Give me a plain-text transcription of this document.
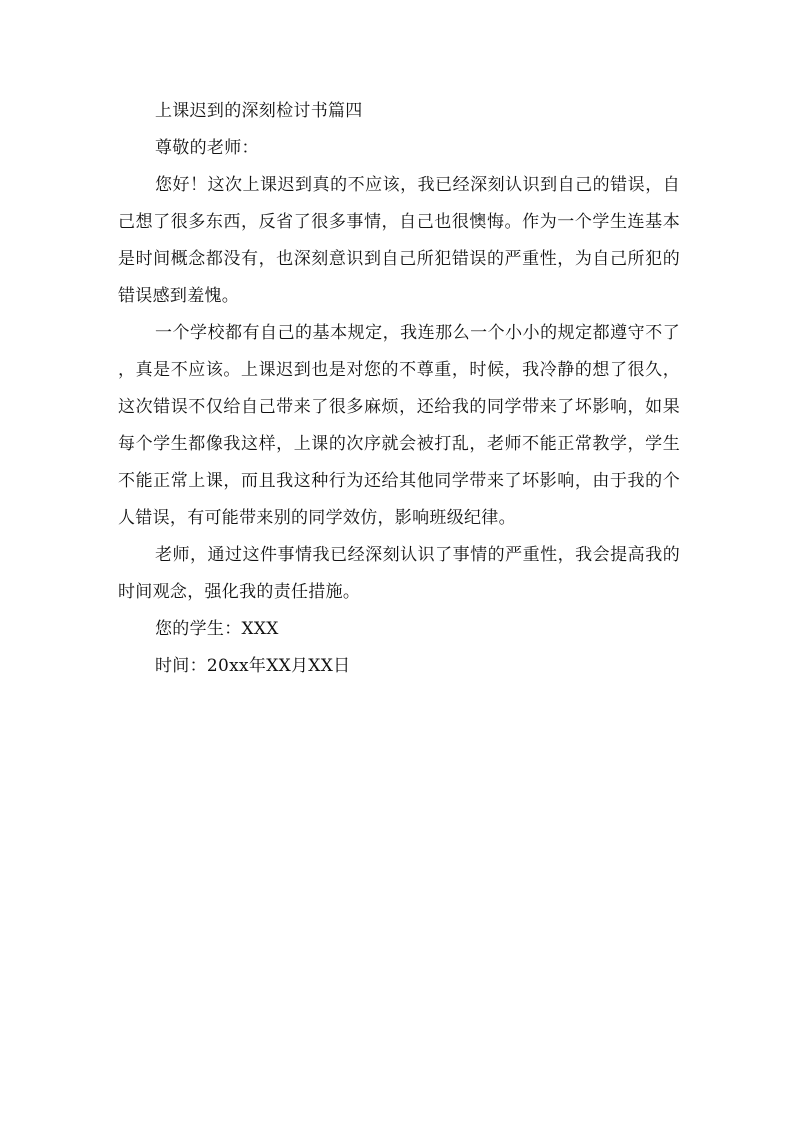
上课迟到的深刻检讨书篇四

尊敬的老师：

您好！这次上课迟到真的不应该，我已经深刻认识到自己的错误，自己想了很多东西，反省了很多事情，自己也很懊悔。作为一个学生连基本是时间概念都没有，也深刻意识到自己所犯错误的严重性，为自己所犯的错误感到羞愧。

一个学校都有自己的基本规定，我连那么一个小小的规定都遵守不了，真是不应该。上课迟到也是对您的不尊重，时候，我冷静的想了很久，这次错误不仅给自己带来了很多麻烦，还给我的同学带来了坏影响，如果每个学生都像我这样，上课的次序就会被打乱，老师不能正常教学，学生不能正常上课，而且我这种行为还给其他同学带来了坏影响，由于我的个人错误，有可能带来别的同学效仿，影响班级纪律。

老师，通过这件事情我已经深刻认识了事情的严重性，我会提高我的时间观念，强化我的责任措施。

您的学生：XXX

时间：20xx年XX月XX日
